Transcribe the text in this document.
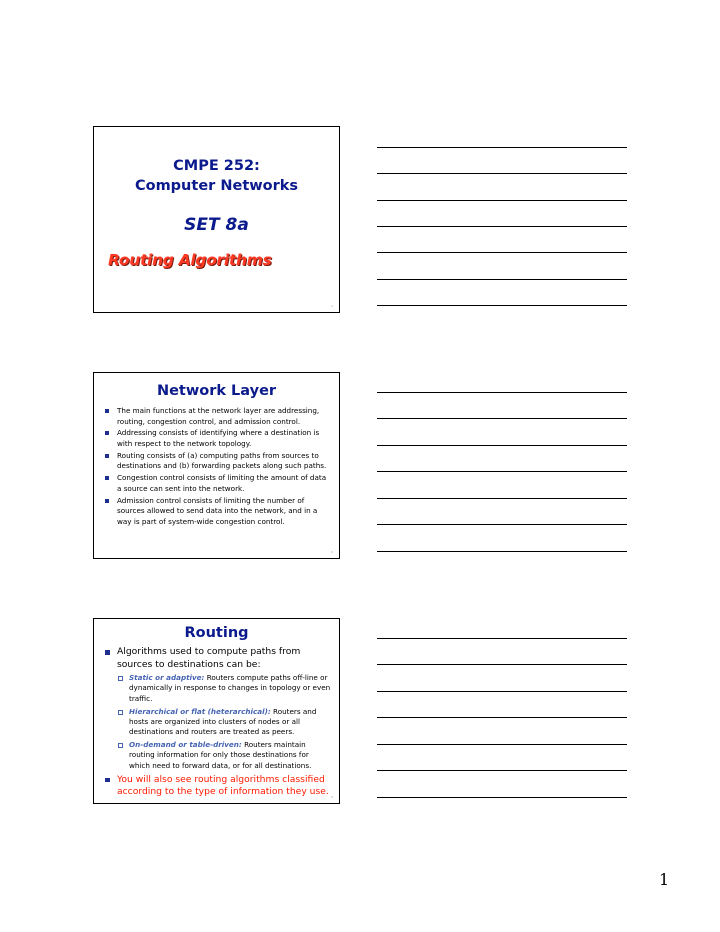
CMPE 252:
Computer Networks
SET 8a
Routing Algorithms
1
Network Layer
The main functions at the network layer are addressing, routing, congestion control, and admission control.
Addressing consists of identifying where a destination is with respect to the network topology.
Routing consists of (a) computing paths from sources to destinations and (b) forwarding packets along such paths.
Congestion control consists of limiting the amount of data a source can sent into the network.
Admission control consists of limiting the number of sources allowed to send data into the network, and in a way is part of system-wide congestion control.
2
Routing
Algorithms used to compute paths from sources to destinations can be:
Static or adaptive: Routers compute paths off-line or dynamically in response to changes in topology or even traffic.
Hierarchical or flat (heterarchical): Routers and hosts are organized into clusters of nodes or all destinations and routers are treated as peers.
On-demand or table-driven: Routers maintain routing information for only those destinations for which need to forward data, or for all destinations.
You will also see routing algorithms classified according to the type of information they use. 3
1
